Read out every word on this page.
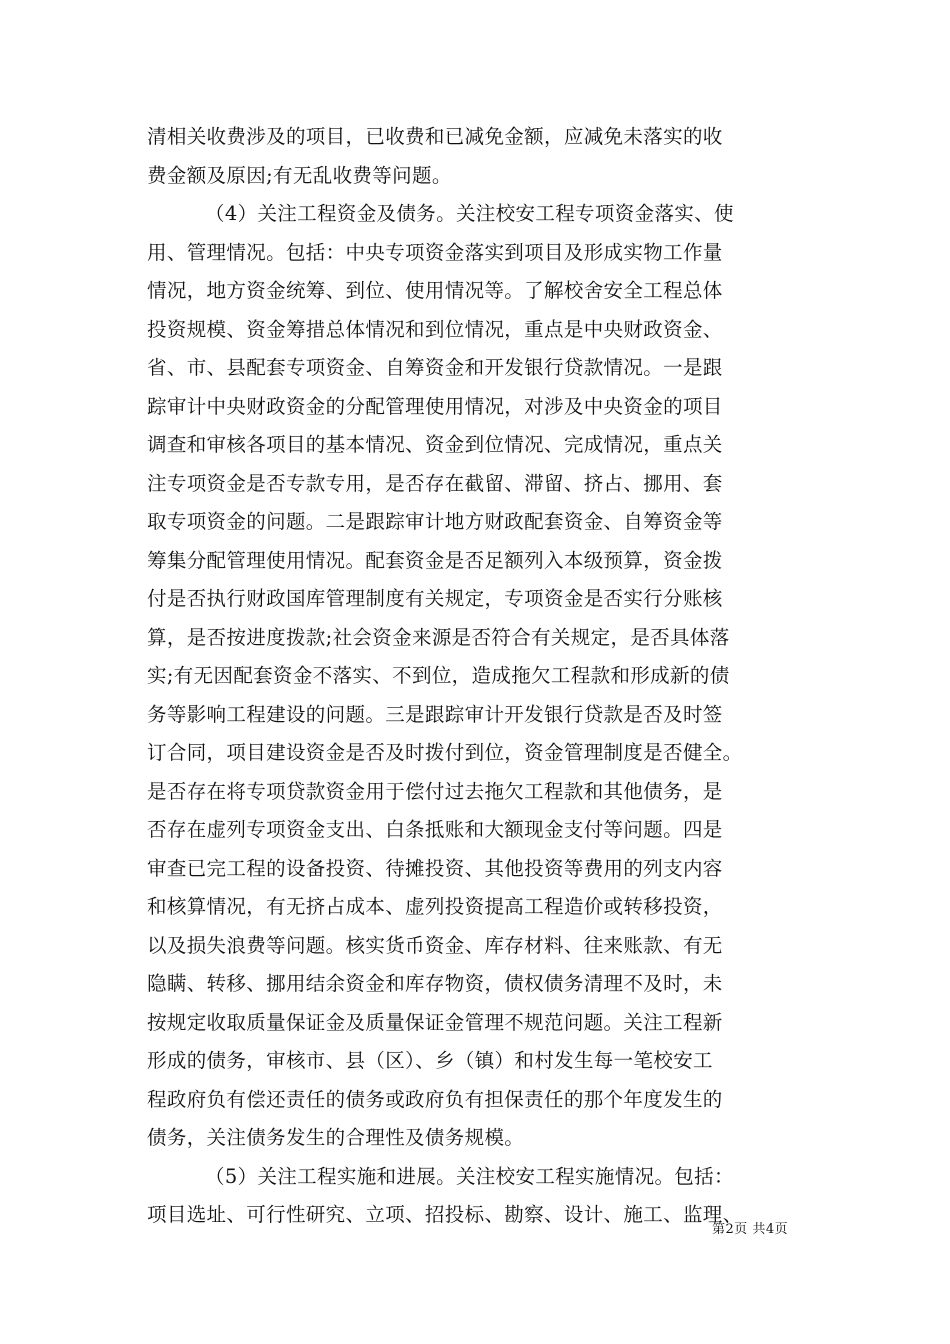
清相关收费涉及的项目，已收费和已减免金额，应减免未落实的收
费金额及原因;有无乱收费等问题。
（4）关注工程资金及债务。关注校安工程专项资金落实、使
用、管理情况。包括：中央专项资金落实到项目及形成实物工作量
情况，地方资金统筹、到位、使用情况等。了解校舍安全工程总体
投资规模、资金筹措总体情况和到位情况，重点是中央财政资金、
省、市、县配套专项资金、自筹资金和开发银行贷款情况。一是跟
踪审计中央财政资金的分配管理使用情况，对涉及中央资金的项目
调查和审核各项目的基本情况、资金到位情况、完成情况，重点关
注专项资金是否专款专用，是否存在截留、滞留、挤占、挪用、套
取专项资金的问题。二是跟踪审计地方财政配套资金、自筹资金等
筹集分配管理使用情况。配套资金是否足额列入本级预算，资金拨
付是否执行财政国库管理制度有关规定，专项资金是否实行分账核
算，是否按进度拨款;社会资金来源是否符合有关规定，是否具体落
实;有无因配套资金不落实、不到位，造成拖欠工程款和形成新的债
务等影响工程建设的问题。三是跟踪审计开发银行贷款是否及时签
订合同，项目建设资金是否及时拨付到位，资金管理制度是否健全。
是否存在将专项贷款资金用于偿付过去拖欠工程款和其他债务，是
否存在虚列专项资金支出、白条抵账和大额现金支付等问题。四是
审查已完工程的设备投资、待摊投资、其他投资等费用的列支内容
和核算情况，有无挤占成本、虚列投资提高工程造价或转移投资，
以及损失浪费等问题。核实货币资金、库存材料、往来账款、有无
隐瞒、转移、挪用结余资金和库存物资，债权债务清理不及时，未
按规定收取质量保证金及质量保证金管理不规范问题。关注工程新
形成的债务，审核市、县（区）、乡（镇）和村发生每一笔校安工
程政府负有偿还责任的债务或政府负有担保责任的那个年度发生的
债务，关注债务发生的合理性及债务规模。
（5）关注工程实施和进展。关注校安工程实施情况。包括：
项目选址、可行性研究、立项、招投标、勘察、设计、施工、监理、
第2页 共4页
